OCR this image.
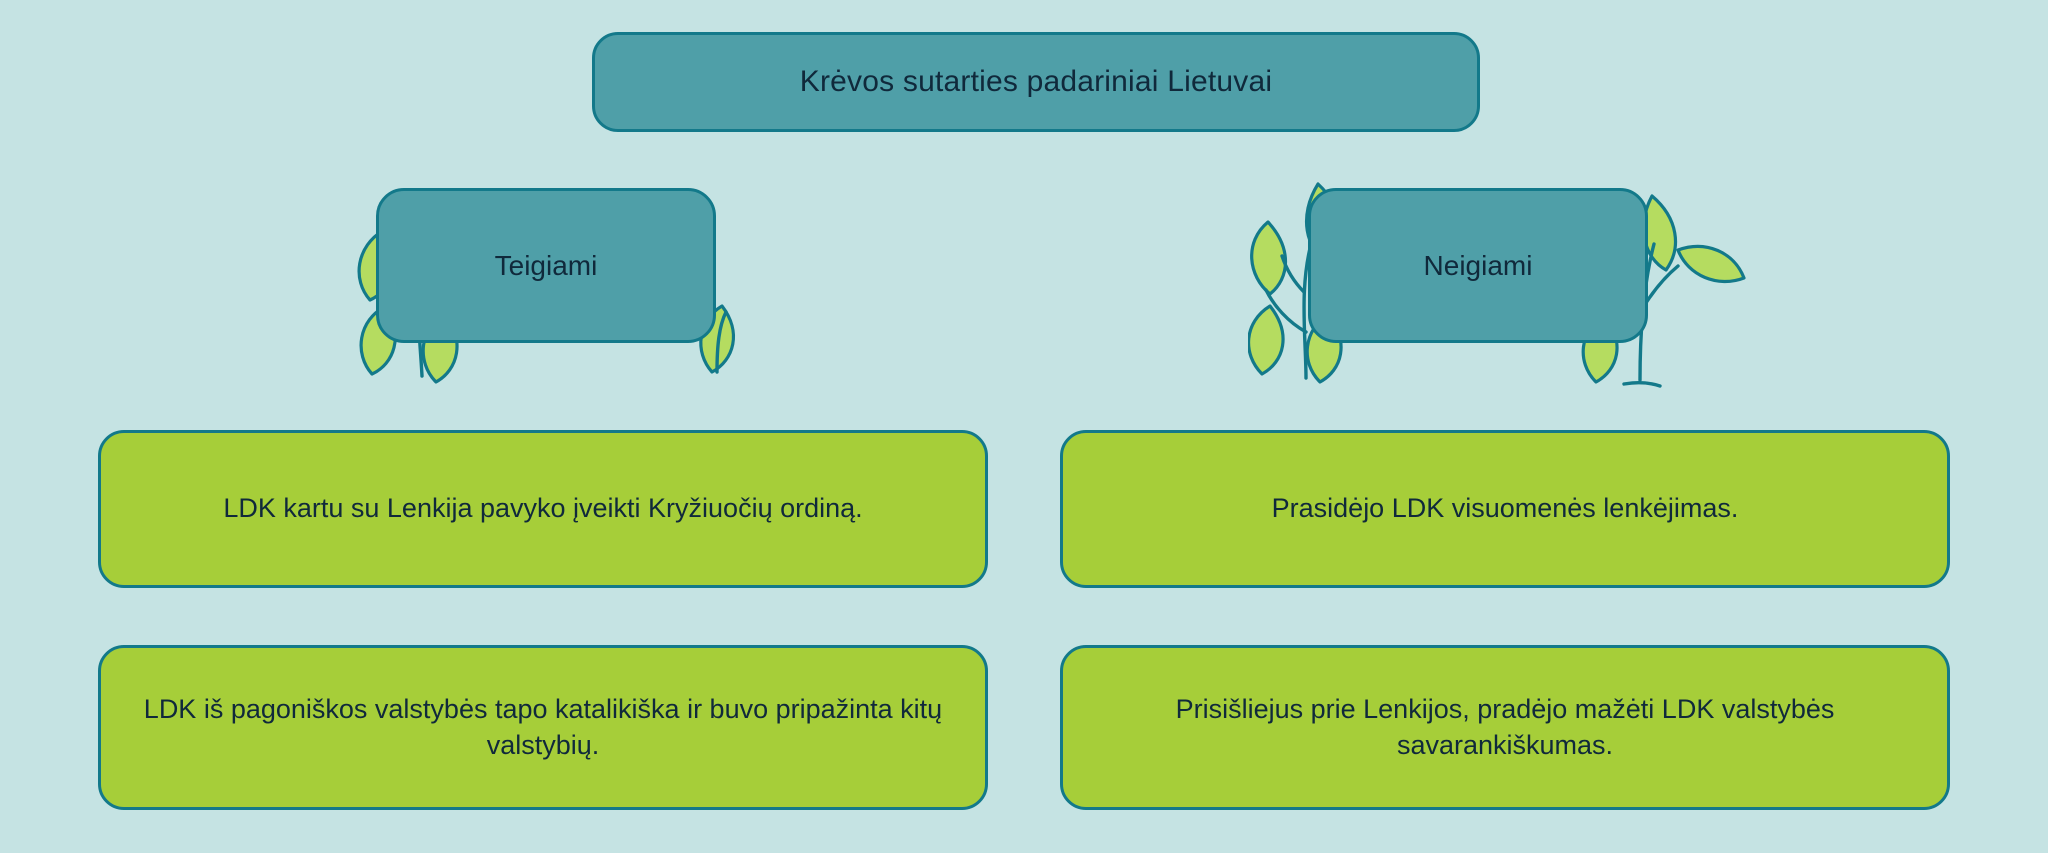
Krėvos sutarties padariniai Lietuvai
Teigiami	Neigiami
LDK kartu su Lenkija pavyko įveikti Kryžiuočių ordiną.	Prasidėjo LDK visuomenės lenkėjimas.
LDK iš pagoniškos valstybės tapo katalikiška ir buvo pripažinta kitų valstybių.
Prisišliejus prie Lenkijos, pradėjo mažėti LDK valstybės savarankiškumas.
